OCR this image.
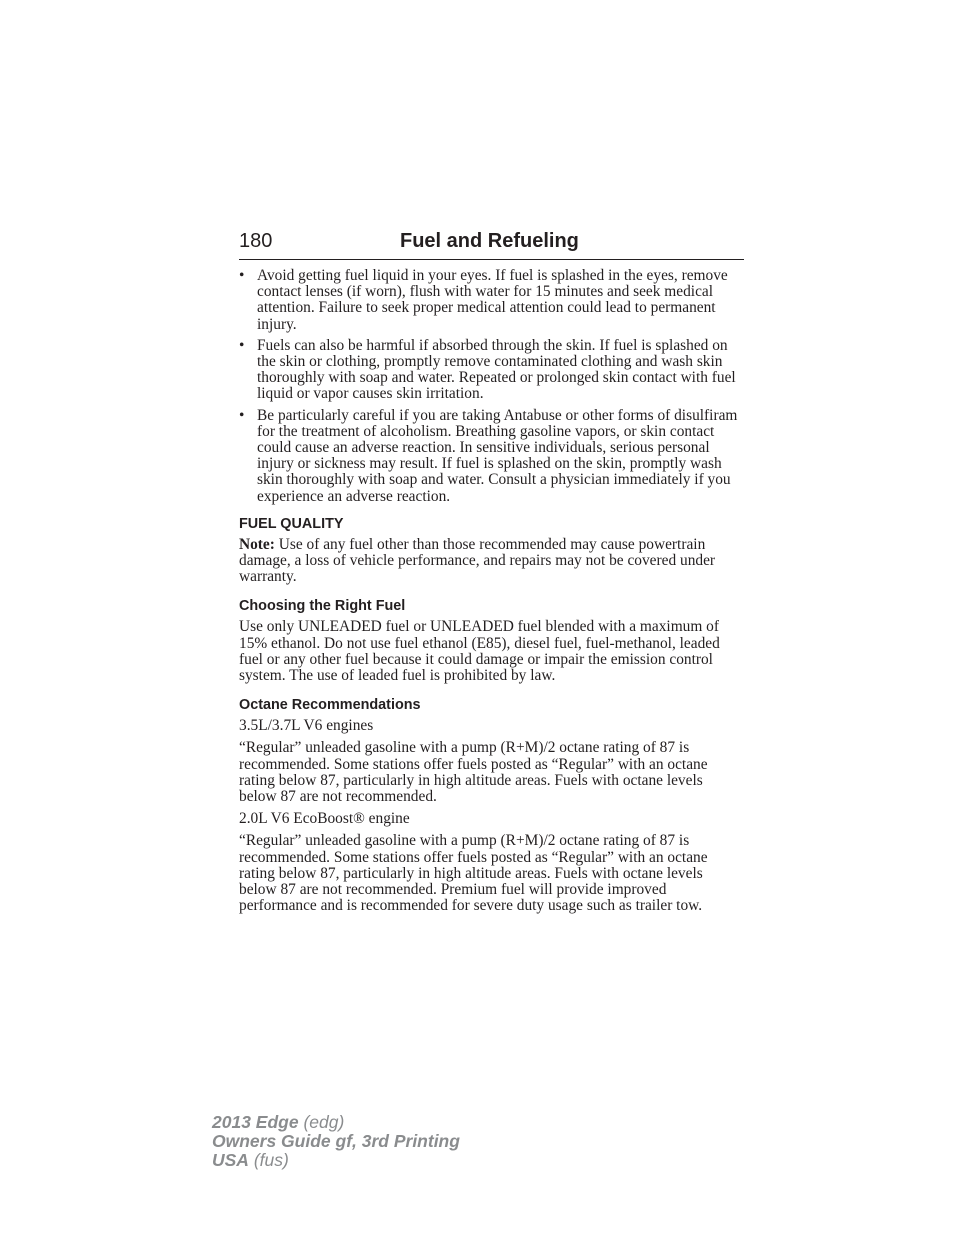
180	Fuel and Refueling
• Avoid getting fuel liquid in your eyes. If fuel is splashed in the eyes, remove contact lenses (if worn), flush with water for 15 minutes and seek medical attention. Failure to seek proper medical attention could lead to permanent injury.
• Fuels can also be harmful if absorbed through the skin. If fuel is splashed on the skin or clothing, promptly remove contaminated clothing and wash skin thoroughly with soap and water. Repeated or prolonged skin contact with fuel liquid or vapor causes skin irritation.
• Be particularly careful if you are taking Antabuse or other forms of disulfiram for the treatment of alcoholism. Breathing gasoline vapors, or skin contact could cause an adverse reaction. In sensitive individuals, serious personal injury or sickness may result. If fuel is splashed on the skin, promptly wash skin thoroughly with soap and water. Consult a physician immediately if you experience an adverse reaction.
FUEL QUALITY

Note: Use of any fuel other than those recommended may cause powertrain damage, a loss of vehicle performance, and repairs may not be covered under warranty.

Choosing the Right Fuel

Use only UNLEADED fuel or UNLEADED fuel blended with a maximum of 15% ethanol. Do not use fuel ethanol (E85), diesel fuel, fuel-methanol, leaded fuel or any other fuel because it could damage or impair the emission control system. The use of leaded fuel is prohibited by law.

Octane Recommendations

3.5L/3.7L V6 engines

“Regular” unleaded gasoline with a pump (R+M)/2 octane rating of 87 is recommended. Some stations offer fuels posted as “Regular” with an octane rating below 87, particularly in high altitude areas. Fuels with octane levels below 87 are not recommended.

2.0L V6 EcoBoost® engine

“Regular” unleaded gasoline with a pump (R+M)/2 octane rating of 87 is recommended. Some stations offer fuels posted as “Regular” with an octane rating below 87, particularly in high altitude areas. Fuels with octane levels below 87 are not recommended. Premium fuel will provide improved performance and is recommended for severe duty usage such as trailer tow.

2013 Edge (edg)
Owners Guide gf, 3rd Printing
USA (fus)
